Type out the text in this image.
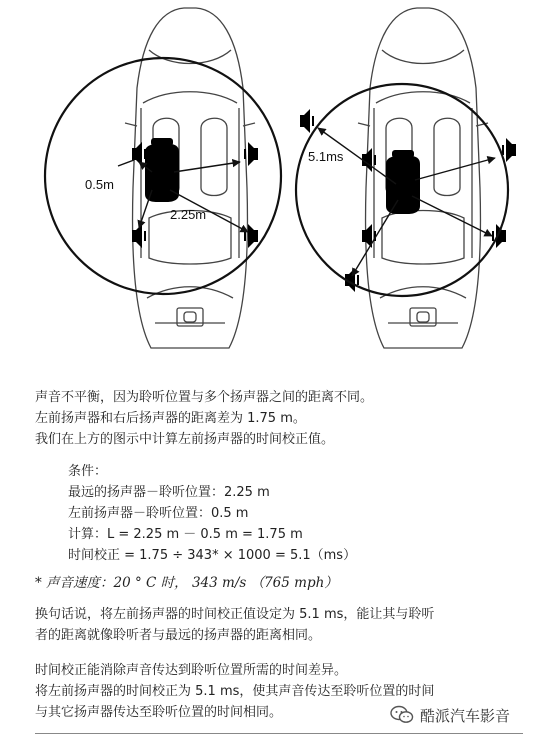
0.5m
2.25m
5.1ms
声音不平衡，因为聆听位置与多个扬声器之间的距离不同。
左前扬声器和右后扬声器的距离差为 1.75 m。
我们在上方的图示中计算左前扬声器的时间校正值。
条件：
最远的扬声器－聆听位置：2.25 m
左前扬声器－聆听位置：0.5 m
计算：L = 2.25 m － 0.5 m = 1.75 m
时间校正 = 1.75 ÷ 343* × 1000 = 5.1（ms）
* 声音速度：20 ° C 时， 343 m/s （765 mph）
换句话说，将左前扬声器的时间校正值设定为 5.1 ms，能让其与聆听
者的距离就像聆听者与最远的扬声器的距离相同。
时间校正能消除声音传达到聆听位置所需的时间差异。
将左前扬声器的时间校正为 5.1 ms，使其声音传达至聆听位置的时间
与其它扬声器传达至聆听位置的时间相同。	酷派汽车影音
